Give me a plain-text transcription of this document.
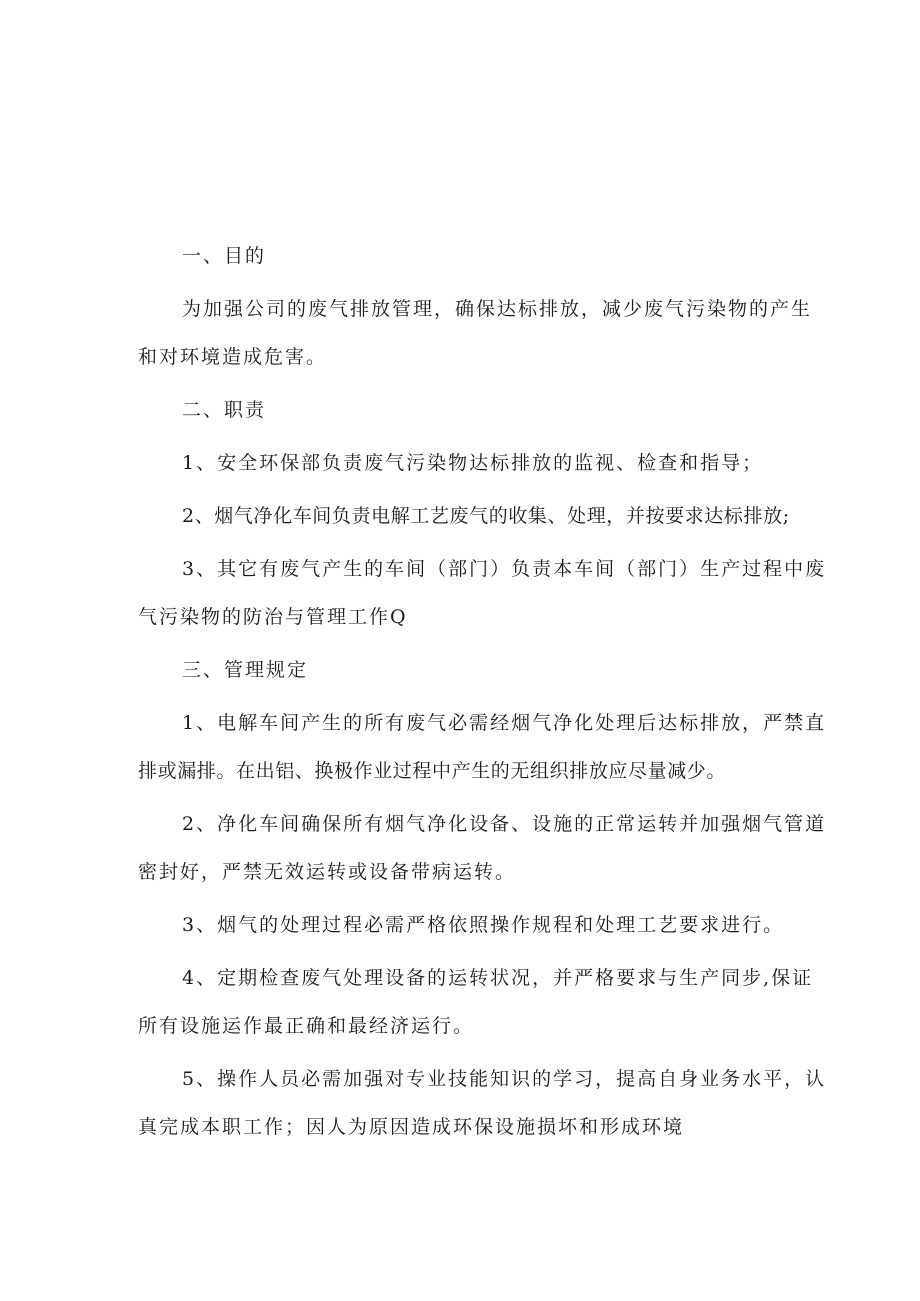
一、目的
为加强公司的废气排放管理，确保达标排放，减少废气污染物的产生
和对环境造成危害。
二、职责
1、安全环保部负责废气污染物达标排放的监视、检查和指导；
2、烟气净化车间负责电解工艺废气的收集、处理，并按要求达标排放;
3、其它有废气产生的车间（部门）负责本车间（部门）生产过程中废
气污染物的防治与管理工作Q
三、管理规定
1、电解车间产生的所有废气必需经烟气净化处理后达标排放，严禁直
排或漏排。在出铝、换极作业过程中产生的无组织排放应尽量减少。
2、净化车间确保所有烟气净化设备、设施的正常运转并加强烟气管道
密封好，严禁无效运转或设备带病运转。
3、烟气的处理过程必需严格依照操作规程和处理工艺要求进行。
4、定期检查废气处理设备的运转状况，并严格要求与生产同步,保证
所有设施运作最正确和最经济运行。
5、操作人员必需加强对专业技能知识的学习，提高自身业务水平，认
真完成本职工作；因人为原因造成环保设施损坏和形成环境
